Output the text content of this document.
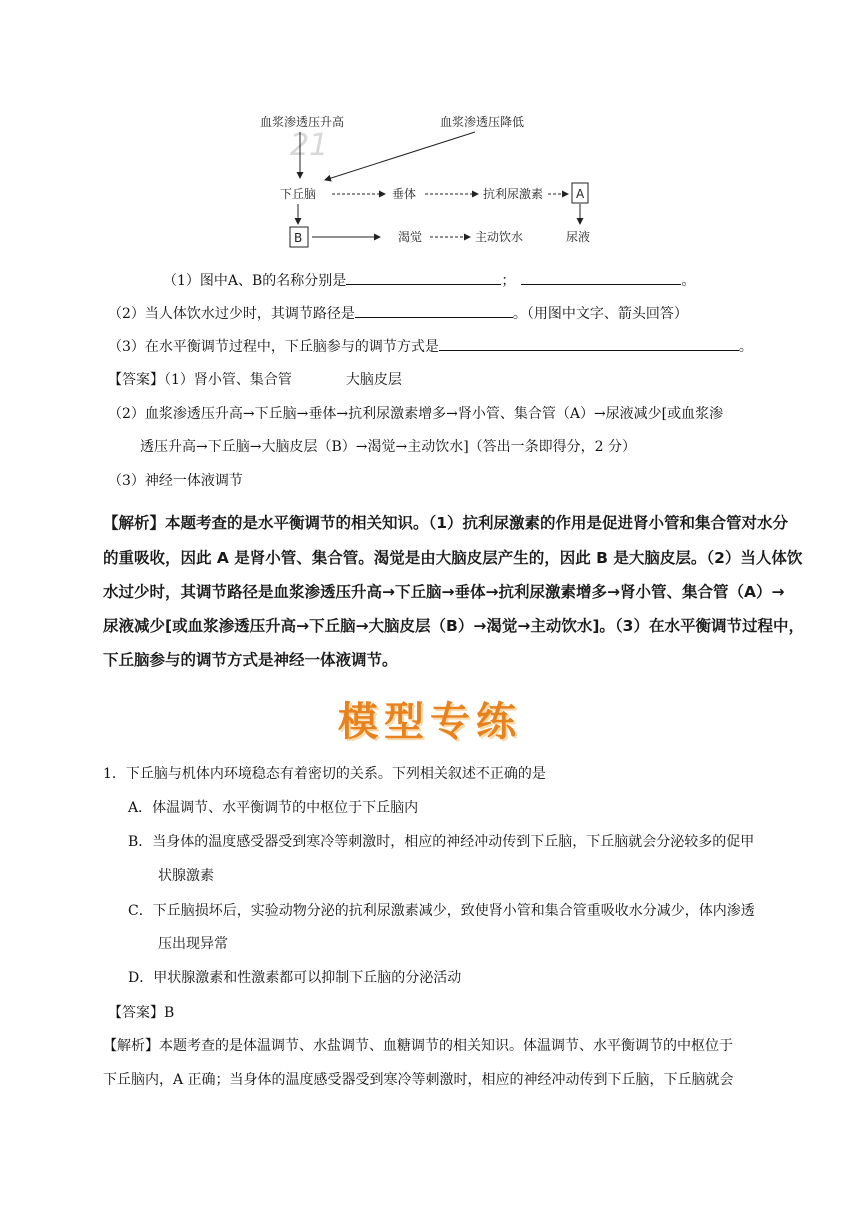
血浆渗透压升高	血浆渗透压降低
21
下丘脑	垂体	抗利尿激素	A
B	渴觉	主动饮水	尿液
（1）图中A、B的名称分别是	；	。
（2）当人体饮水过少时，其调节路径是	。（用图中文字、箭头回答）
（3）在水平衡调节过程中，下丘脑参与的调节方式是	。
【答案】（1）肾小管、集合管	大脑皮层
（2）血浆渗透压升高→下丘脑→垂体→抗利尿激素增多→肾小管、集合管（A）→尿液减少[或血浆渗
透压升高→下丘脑→大脑皮层（B）→渴觉→主动饮水]（答出一条即得分，2 分）
（3）神经一体液调节
【解析】本题考查的是水平衡调节的相关知识。（1）抗利尿激素的作用是促进肾小管和集合管对水分
的重吸收，因此 A 是肾小管、集合管。渴觉是由大脑皮层产生的，因此 B 是大脑皮层。（2）当人体饮
水过少时，其调节路径是血浆渗透压升高→下丘脑→垂体→抗利尿激素增多→肾小管、集合管（A）→
尿液减少[或血浆渗透压升高→下丘脑→大脑皮层（B）→渴觉→主动饮水]。（3）在水平衡调节过程中，
下丘脑参与的调节方式是神经一体液调节。
模型专练
1．下丘脑与机体内环境稳态有着密切的关系。下列相关叙述不正确的是
A．体温调节、水平衡调节的中枢位于下丘脑内
B．当身体的温度感受器受到寒冷等刺激时，相应的神经冲动传到下丘脑，下丘脑就会分泌较多的促甲
状腺激素
C．下丘脑损坏后，实验动物分泌的抗利尿激素减少，致使肾小管和集合管重吸收水分减少，体内渗透
压出现异常
D．甲状腺激素和性激素都可以抑制下丘脑的分泌活动
【答案】B
【解析】本题考查的是体温调节、水盐调节、血糖调节的相关知识。体温调节、水平衡调节的中枢位于
下丘脑内，A 正确；当身体的温度感受器受到寒冷等刺激时，相应的神经冲动传到下丘脑，下丘脑就会
